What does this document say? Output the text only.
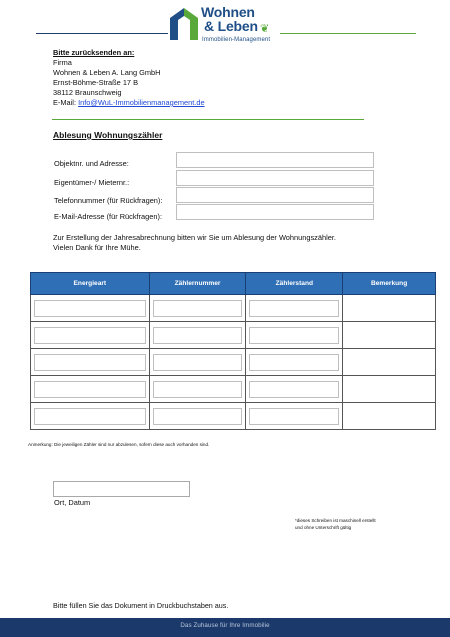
Wohnen
& Leben ❦
Immobilien-Management
Bitte zurücksenden an:
Firma
Wohnen & Leben A. Lang GmbH
Ernst-Böhme-Straße 17 B
38112 Braunschweig
E-Mail: Info@WuL-Immobilienmanagement.de
Ablesung Wohnungszähler
Objektnr. und Adresse:
Eigentümer-/ Mieternr.:
Telefonnummer (für Rückfragen):
E-Mail-Adresse (für Rückfragen):
Zur Erstellung der Jahresabrechnung bitten wir Sie um Ablesung der Wohnungszähler.
Vielen Dank für Ihre Mühe.
Energieart	Zählernummer	Zählerstand	Bemerkung

Anmerkung: Die jeweiligen Zähler sind nur abzulesen, sofern diese auch vorhanden sind.
Ort, Datum
*dieses Schreiben ist maschinell erstellt
und ohne Unterschrift gültig
Bitte füllen Sie das Dokument in Druckbuchstaben aus.
Das Zuhause für Ihre Immobilie
